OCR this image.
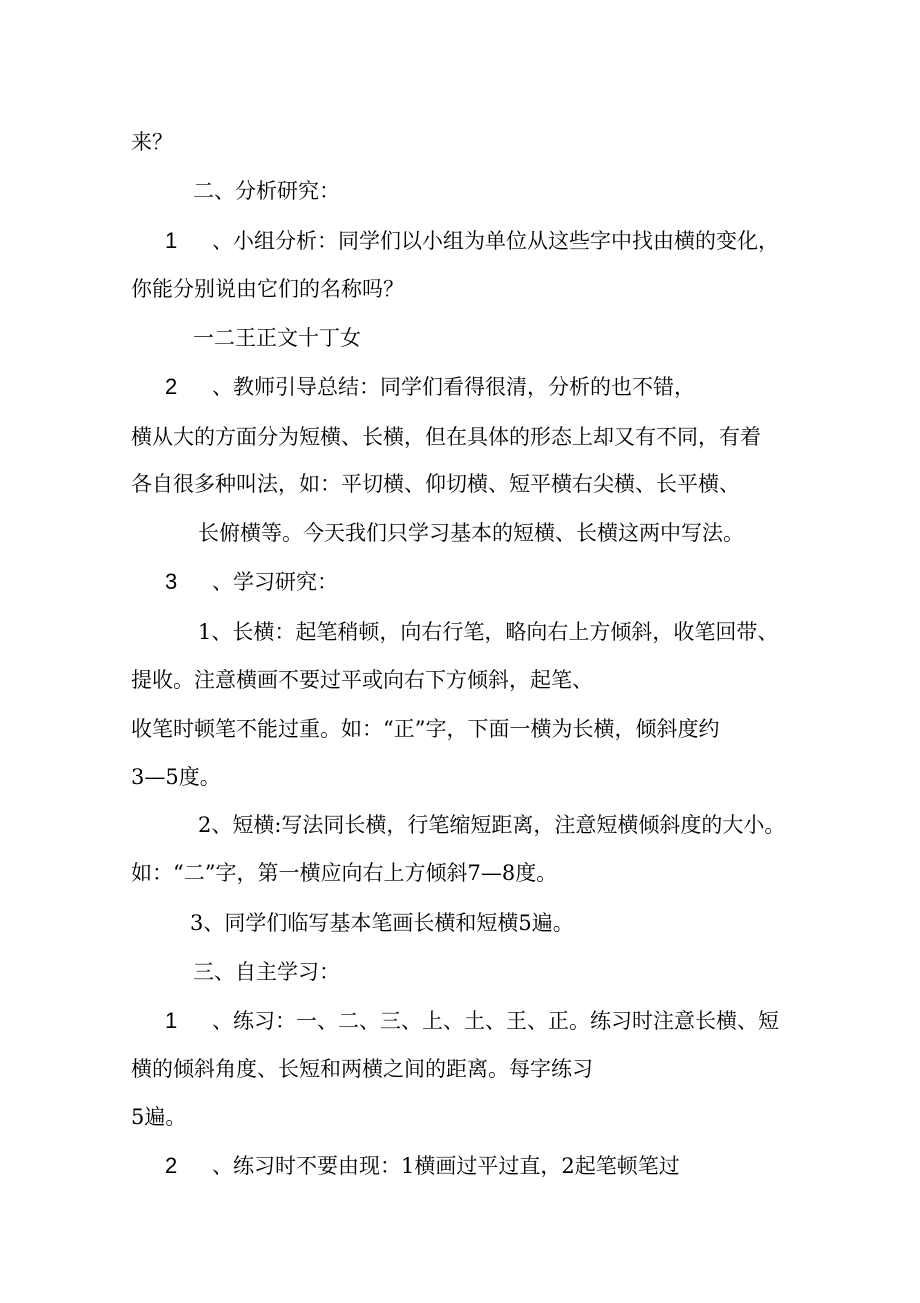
来？
二、分析研究：
1 、小组分析：同学们以小组为单位从这些字中找由横的变化，
你能分别说由它们的名称吗？
一二王正文十丁女
2 、教师引导总结：同学们看得很清，分析的也不错，
横从大的方面分为短横、长横，但在具体的形态上却又有不同，有着
各自很多种叫法，如：平切横、仰切横、短平横右尖横、长平横、
长俯横等。今天我们只学习基本的短横、长横这两中写法。
3 、学习研究：
1、长横：起笔稍顿，向右行笔，略向右上方倾斜，收笔回带、
提收。注意横画不要过平或向右下方倾斜，起笔、
收笔时顿笔不能过重。如：“正”字，下面一横为长横，倾斜度约
3—5度。
2、短横:写法同长横，行笔缩短距离，注意短横倾斜度的大小。
如：“二”字，第一横应向右上方倾斜7—8度。
3、同学们临写基本笔画长横和短横5遍。
三、自主学习：
1 、练习：一、二、三、上、土、王、正。练习时注意长横、短
横的倾斜角度、长短和两横之间的距离。每字练习
5遍。
2 、练习时不要由现：1横画过平过直，2起笔顿笔过
